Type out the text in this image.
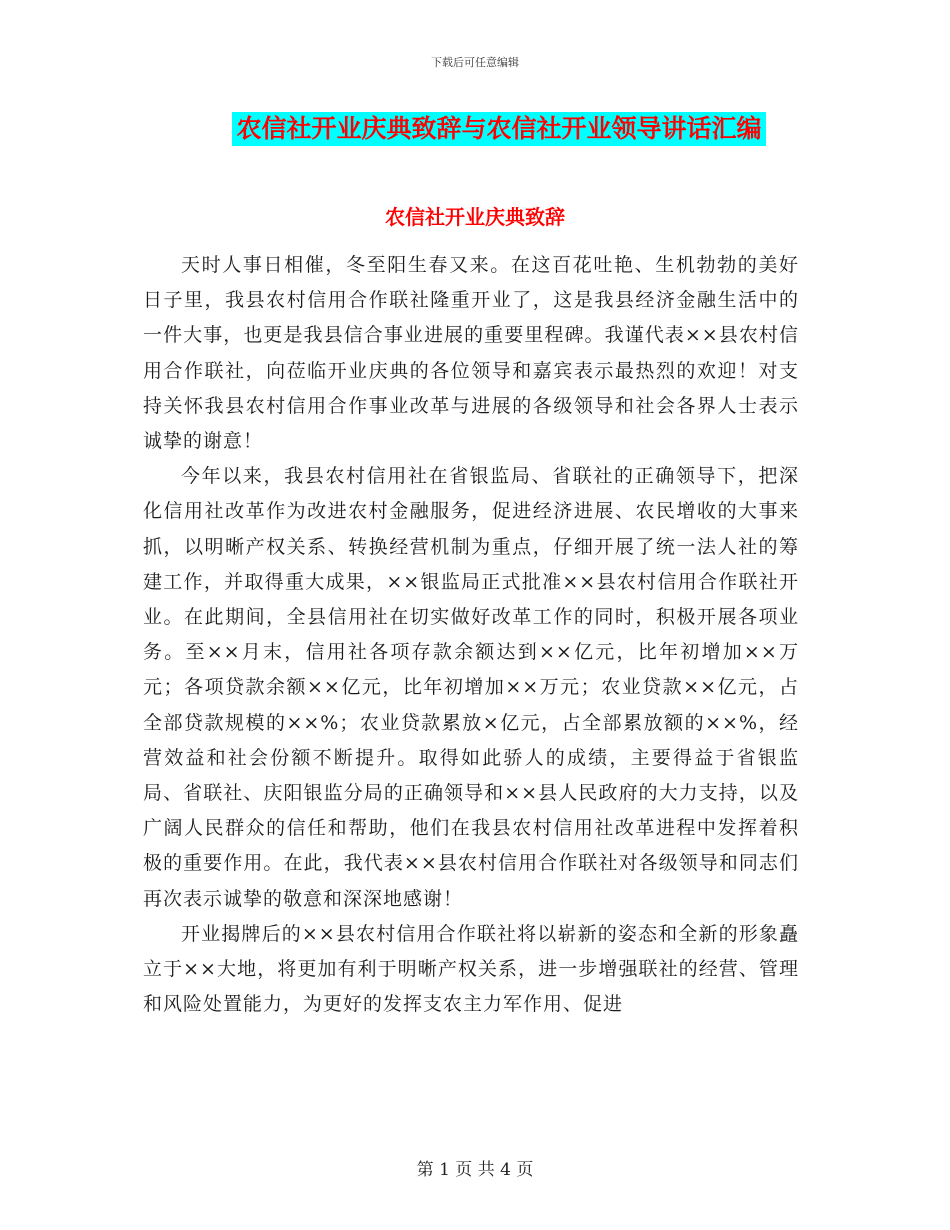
下载后可任意编辑
农信社开业庆典致辞与农信社开业领导讲话汇编
农信社开业庆典致辞

天时人事日相催，冬至阳生春又来。在这百花吐艳、生机勃勃的美好日子里，我县农村信用合作联社隆重开业了，这是我县经济金融生活中的一件大事，也更是我县信合事业进展的重要里程碑。我谨代表××县农村信用合作联社，向莅临开业庆典的各位领导和嘉宾表示最热烈的欢迎！对支持关怀我县农村信用合作事业改革与进展的各级领导和社会各界人士表示诚挚的谢意！

今年以来，我县农村信用社在省银监局、省联社的正确领导下，把深化信用社改革作为改进农村金融服务，促进经济进展、农民增收的大事来抓，以明晰产权关系、转换经营机制为重点，仔细开展了统一法人社的筹建工作，并取得重大成果，××银监局正式批准××县农村信用合作联社开业。在此期间，全县信用社在切实做好改革工作的同时，积极开展各项业务。至××月末，信用社各项存款余额达到××亿元，比年初增加××万元；各项贷款余额××亿元，比年初增加××万元；农业贷款××亿元，占全部贷款规模的××%；农业贷款累放×亿元，占全部累放额的××%，经营效益和社会份额不断提升。取得如此骄人的成绩，主要得益于省银监局、省联社、庆阳银监分局的正确领导和××县人民政府的大力支持，以及广阔人民群众的信任和帮助，他们在我县农村信用社改革进程中发挥着积极的重要作用。在此，我代表××县农村信用合作联社对各级领导和同志们再次表示诚挚的敬意和深深地感谢！

开业揭牌后的××县农村信用合作联社将以崭新的姿态和全新的形象矗立于××大地，将更加有利于明晰产权关系，进一步增强联社的经营、管理和风险处置能力，为更好的发挥支农主力军作用、促进

第 1 页 共 4 页
